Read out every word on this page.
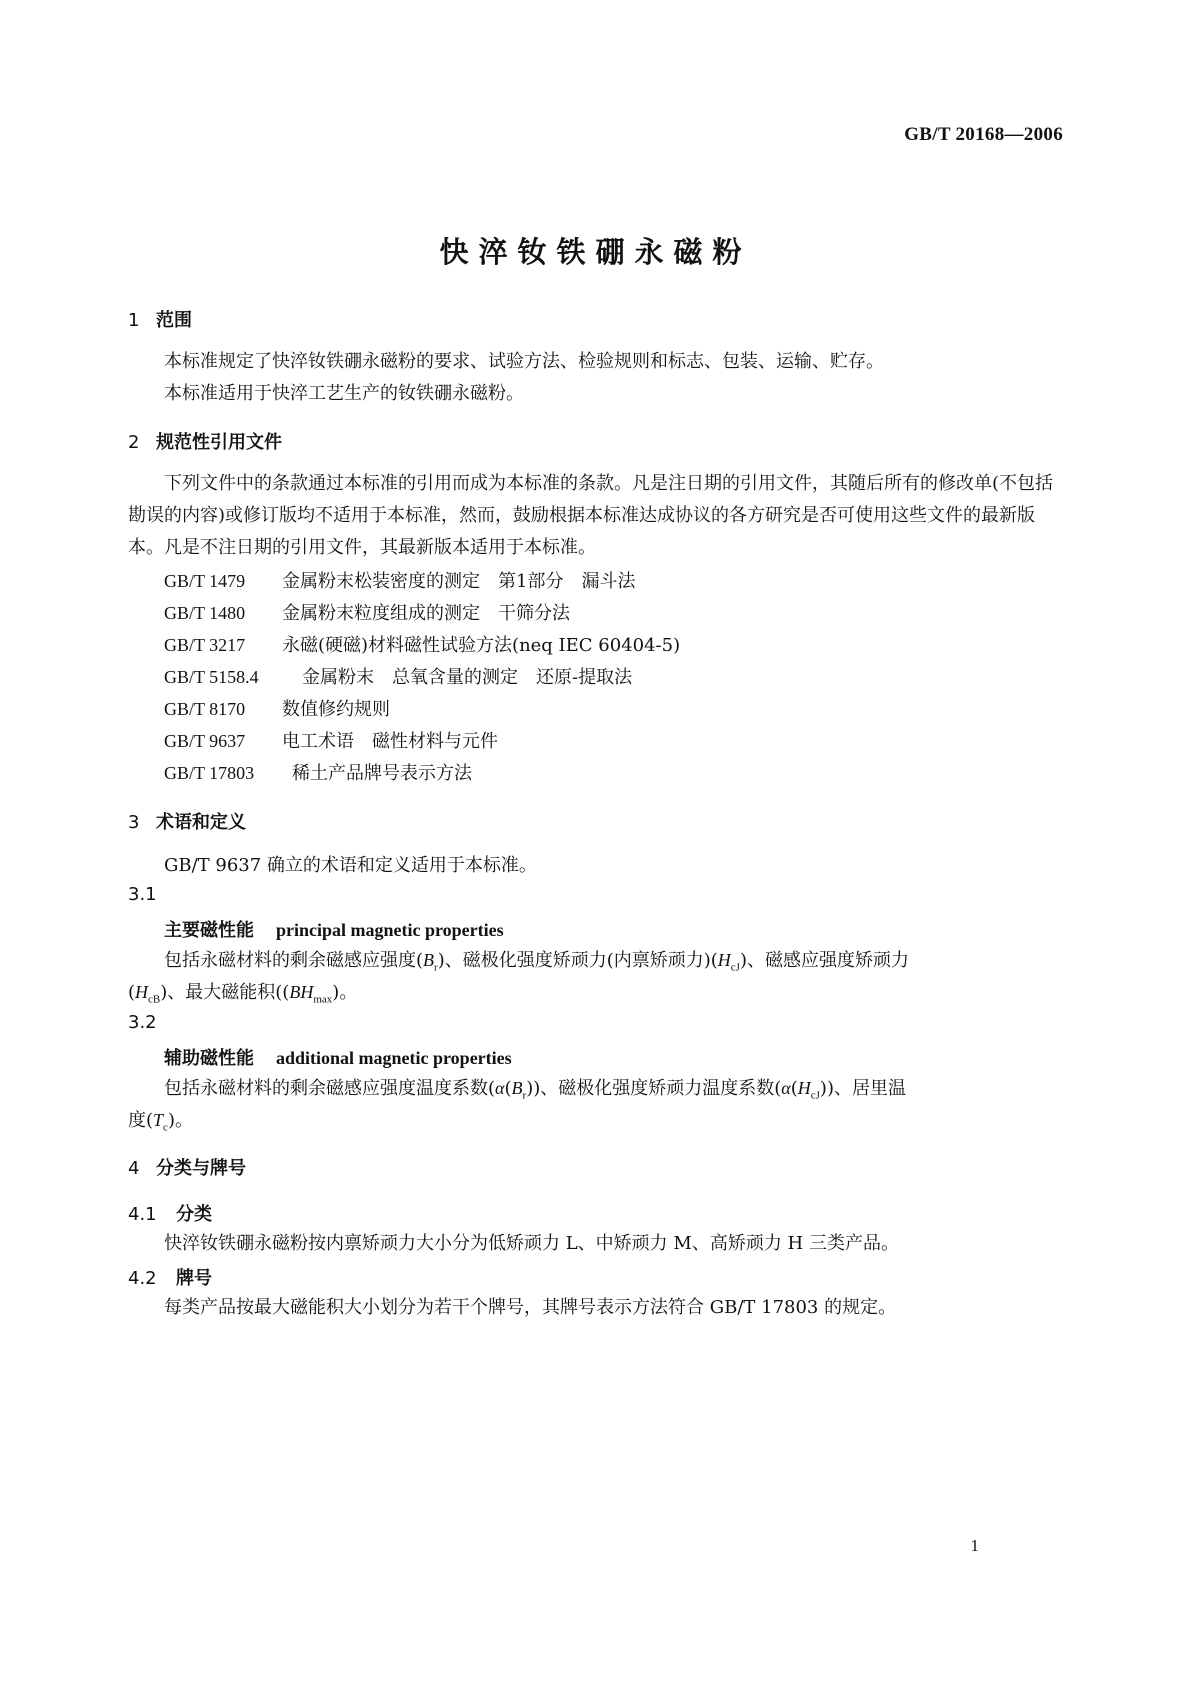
GB/T 20168—2006
快淬钕铁硼永磁粉
1 范围
本标准规定了快淬钕铁硼永磁粉的要求、试验方法、检验规则和标志、包装、运输、贮存。
本标准适用于快淬工艺生产的钕铁硼永磁粉。
2 规范性引用文件
下列文件中的条款通过本标准的引用而成为本标准的条款。凡是注日期的引用文件，其随后所有的修改单(不包括勘误的内容)或修订版均不适用于本标准，然而，鼓励根据本标准达成协议的各方研究是否可使用这些文件的最新版本。凡是不注日期的引用文件，其最新版本适用于本标准。
GB/T 1479 金属粉末松装密度的测定　第1部分　漏斗法
GB/T 1480 金属粉末粒度组成的测定　干筛分法
GB/T 3217 永磁(硬磁)材料磁性试验方法(neq IEC 60404-5)
GB/T 5158.4 金属粉末　总氧含量的测定　还原-提取法
GB/T 8170 数值修约规则
GB/T 9637 电工术语　磁性材料与元件
GB/T 17803 稀土产品牌号表示方法
3 术语和定义
GB/T 9637 确立的术语和定义适用于本标准。
3.1
主要磁性能 principal magnetic properties
包括永磁材料的剩余磁感应强度$(B_r)$、磁极化强度矫顽力(内禀矫顽力)$(H_{cJ})$、磁感应强度矫顽力
$(H_{cB})$、最大磁能积($(BH_{max})$。
3.2
辅助磁性能 additional magnetic properties
包括永磁材料的剩余磁感应强度温度系数$(\alpha(B_r))$、磁极化强度矫顽力温度系数$(\alpha(H_{cJ}))$、居里温
度$(T_c)$。
4 分类与牌号
4.1 分类
快淬钕铁硼永磁粉按内禀矫顽力大小分为低矫顽力 L、中矫顽力 M、高矫顽力 H 三类产品。
4.2 牌号
每类产品按最大磁能积大小划分为若干个牌号，其牌号表示方法符合 GB/T 17803 的规定。
1
